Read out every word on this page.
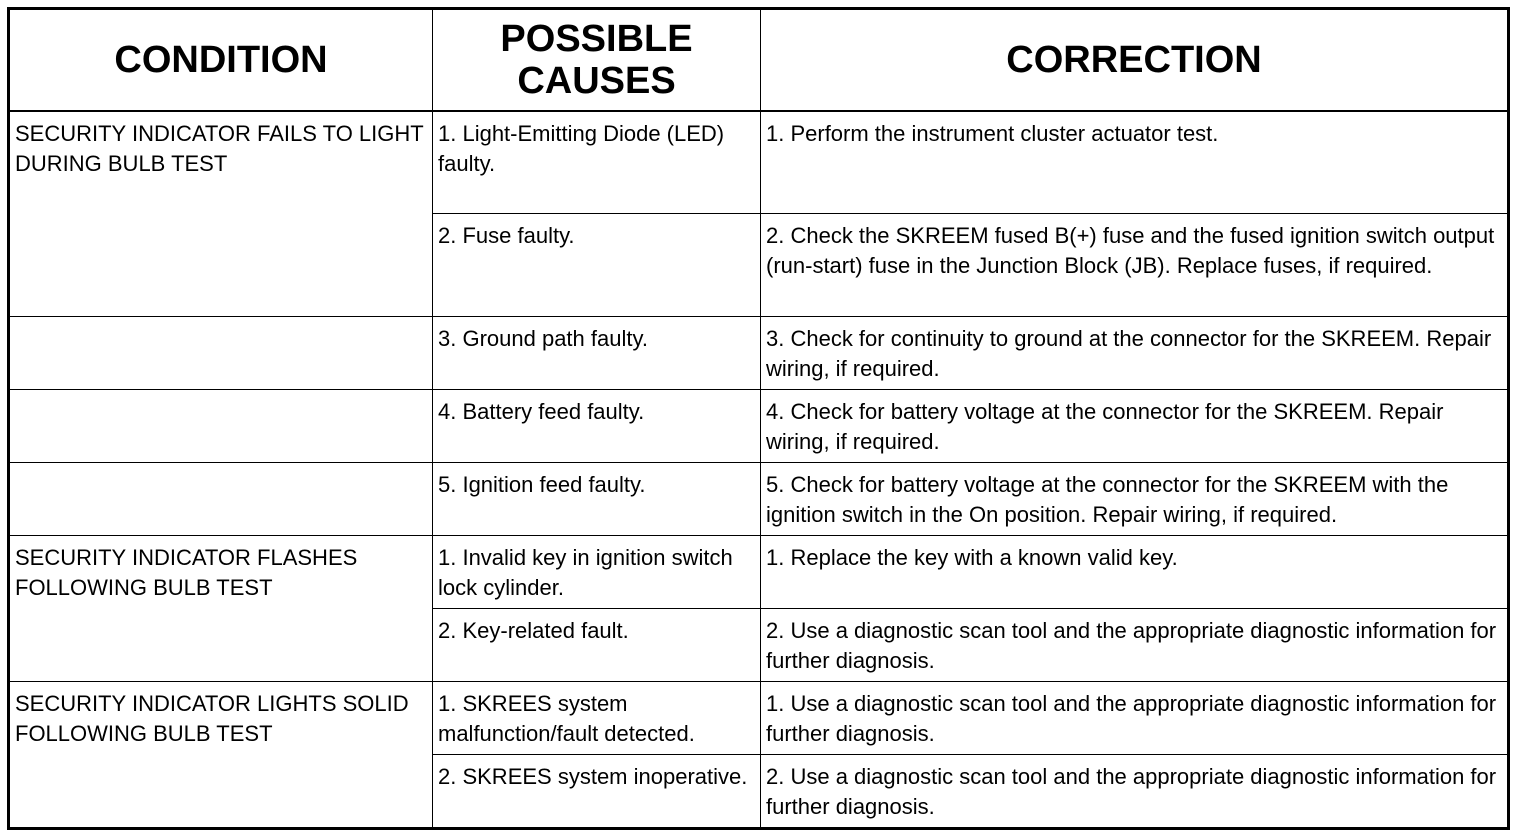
CONDITION	POSSIBLE CAUSES	CORRECTION
SECURITY INDICATOR FAILS TO LIGHT DURING BULB TEST	1. Light-Emitting Diode (LED) faulty.	1. Perform the instrument cluster actuator test.
	2. Fuse faulty.	2. Check the SKREEM fused B(+) fuse and the fused ignition switch output (run-start) fuse in the Junction Block (JB). Replace fuses, if required.
	3. Ground path faulty.	3. Check for continuity to ground at the connector for the SKREEM. Repair wiring, if required.
	4. Battery feed faulty.	4. Check for battery voltage at the connector for the SKREEM. Repair wiring, if required.
	5. Ignition feed faulty.	5. Check for battery voltage at the connector for the SKREEM with the ignition switch in the On position. Repair wiring, if required.
SECURITY INDICATOR FLASHES FOLLOWING BULB TEST	1. Invalid key in ignition switch lock cylinder.	1. Replace the key with a known valid key.
	2. Key-related fault.	2. Use a diagnostic scan tool and the appropriate diagnostic information for further diagnosis.
SECURITY INDICATOR LIGHTS SOLID FOLLOWING BULB TEST	1. SKREES system malfunction/fault detected.	1. Use a diagnostic scan tool and the appropriate diagnostic information for further diagnosis.
	2. SKREES system inoperative.	2. Use a diagnostic scan tool and the appropriate diagnostic information for further diagnosis.
